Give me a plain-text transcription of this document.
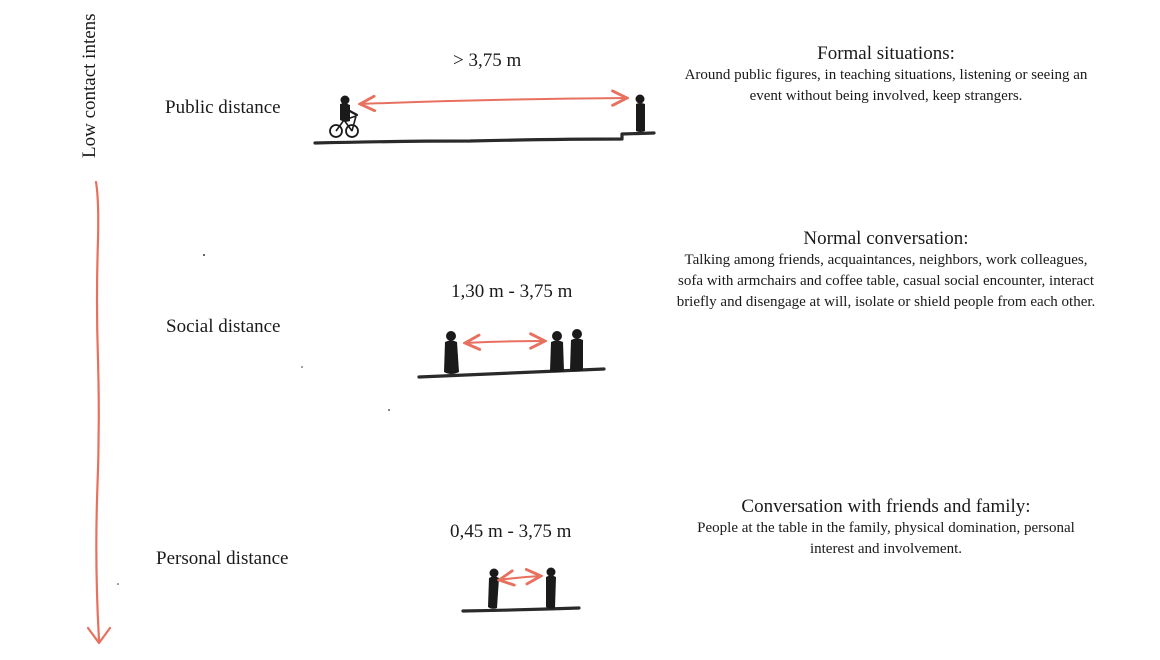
Low contact intens	Public distance
Social distance
Personal distance
> 3,75 m
1,30 m - 3,75 m
0,45 m - 3,75 m
Formal situations:
Around public figures, in teaching situations, listening or seeing an event without being involved, keep strangers.
Normal conversation:
Talking among friends, acquaintances, neighbors, work colleagues, sofa with armchairs and coffee table, casual social encounter, interact briefly and disengage at will, isolate or shield people from each other.
Conversation with friends and family:
People at the table in the family, physical domination, personal interest and involvement.
